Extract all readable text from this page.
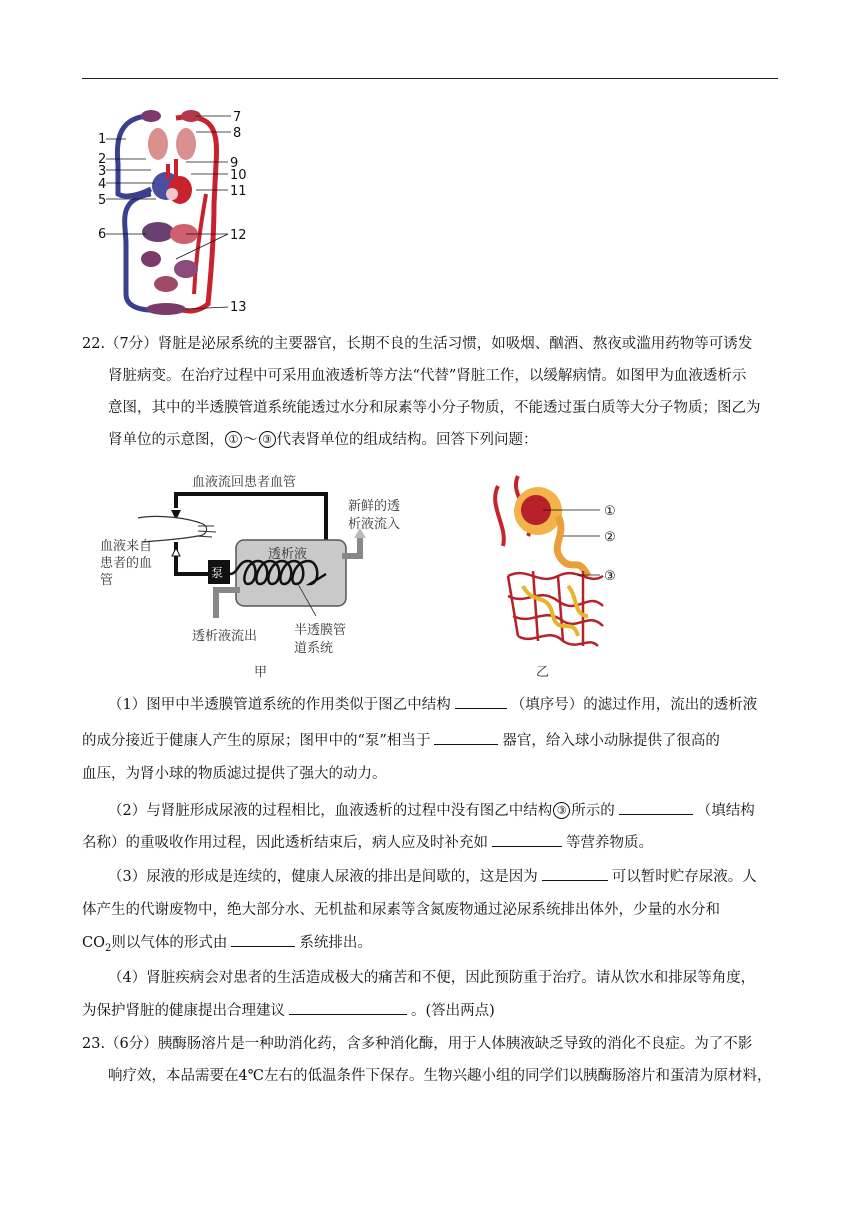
1
2
3
4
5
6
7
8
9
10
11
12
13
22.（7分）肾脏是泌尿系统的主要器官，长期不良的生活习惯，如吸烟、酗酒、熬夜或滥用药物等可诱发
肾脏病变。在治疗过程中可采用血液透析等方法“代替”肾脏工作，以缓解病情。如图甲为血液透析示
意图，其中的半透膜管道系统能透过水分和尿素等小分子物质，不能透过蛋白质等大分子物质；图乙为
肾单位的示意图， ① ～ ③ 代表肾单位的组成结构。回答下列问题：
血液流回患者血管
血液来自
患者的血
管	泵
透析液
新鲜的透
析液流入
透析液流出	半透膜管
道系统
甲
①
②
③
乙
（1）图甲中半透膜管道系统的作用类似于图乙中结构	（填序号）的滤过作用，流出的透析液
的成分接近于健康人产生的原尿；图甲中的“泵”相当于	器官，给入球小动脉提供了很高的
血压，为肾小球的物质滤过提供了强大的动力。
（2）与肾脏形成尿液的过程相比，血液透析的过程中没有图乙中结构 ③ 所示的	（填结构
名称）的重吸收作用过程，因此透析结束后，病人应及时补充如	等营养物质。
（3）尿液的形成是连续的，健康人尿液的排出是间歇的，这是因为	可以暂时贮存尿液。人
体产生的代谢废物中，绝大部分水、无机盐和尿素等含氮废物通过泌尿系统排出体外，少量的水分和
$CO_2$则以气体的形式由	系统排出。
（4）肾脏疾病会对患者的生活造成极大的痛苦和不便，因此预防重于治疗。请从饮水和排尿等角度，
为保护肾脏的健康提出合理建议	。(答出两点)
23.（6分）胰酶肠溶片是一种助消化药，含多种消化酶，用于人体胰液缺乏导致的消化不良症。为了不影
响疗效，本品需要在4℃左右的低温条件下保存。生物兴趣小组的同学们以胰酶肠溶片和蛋清为原材料，
